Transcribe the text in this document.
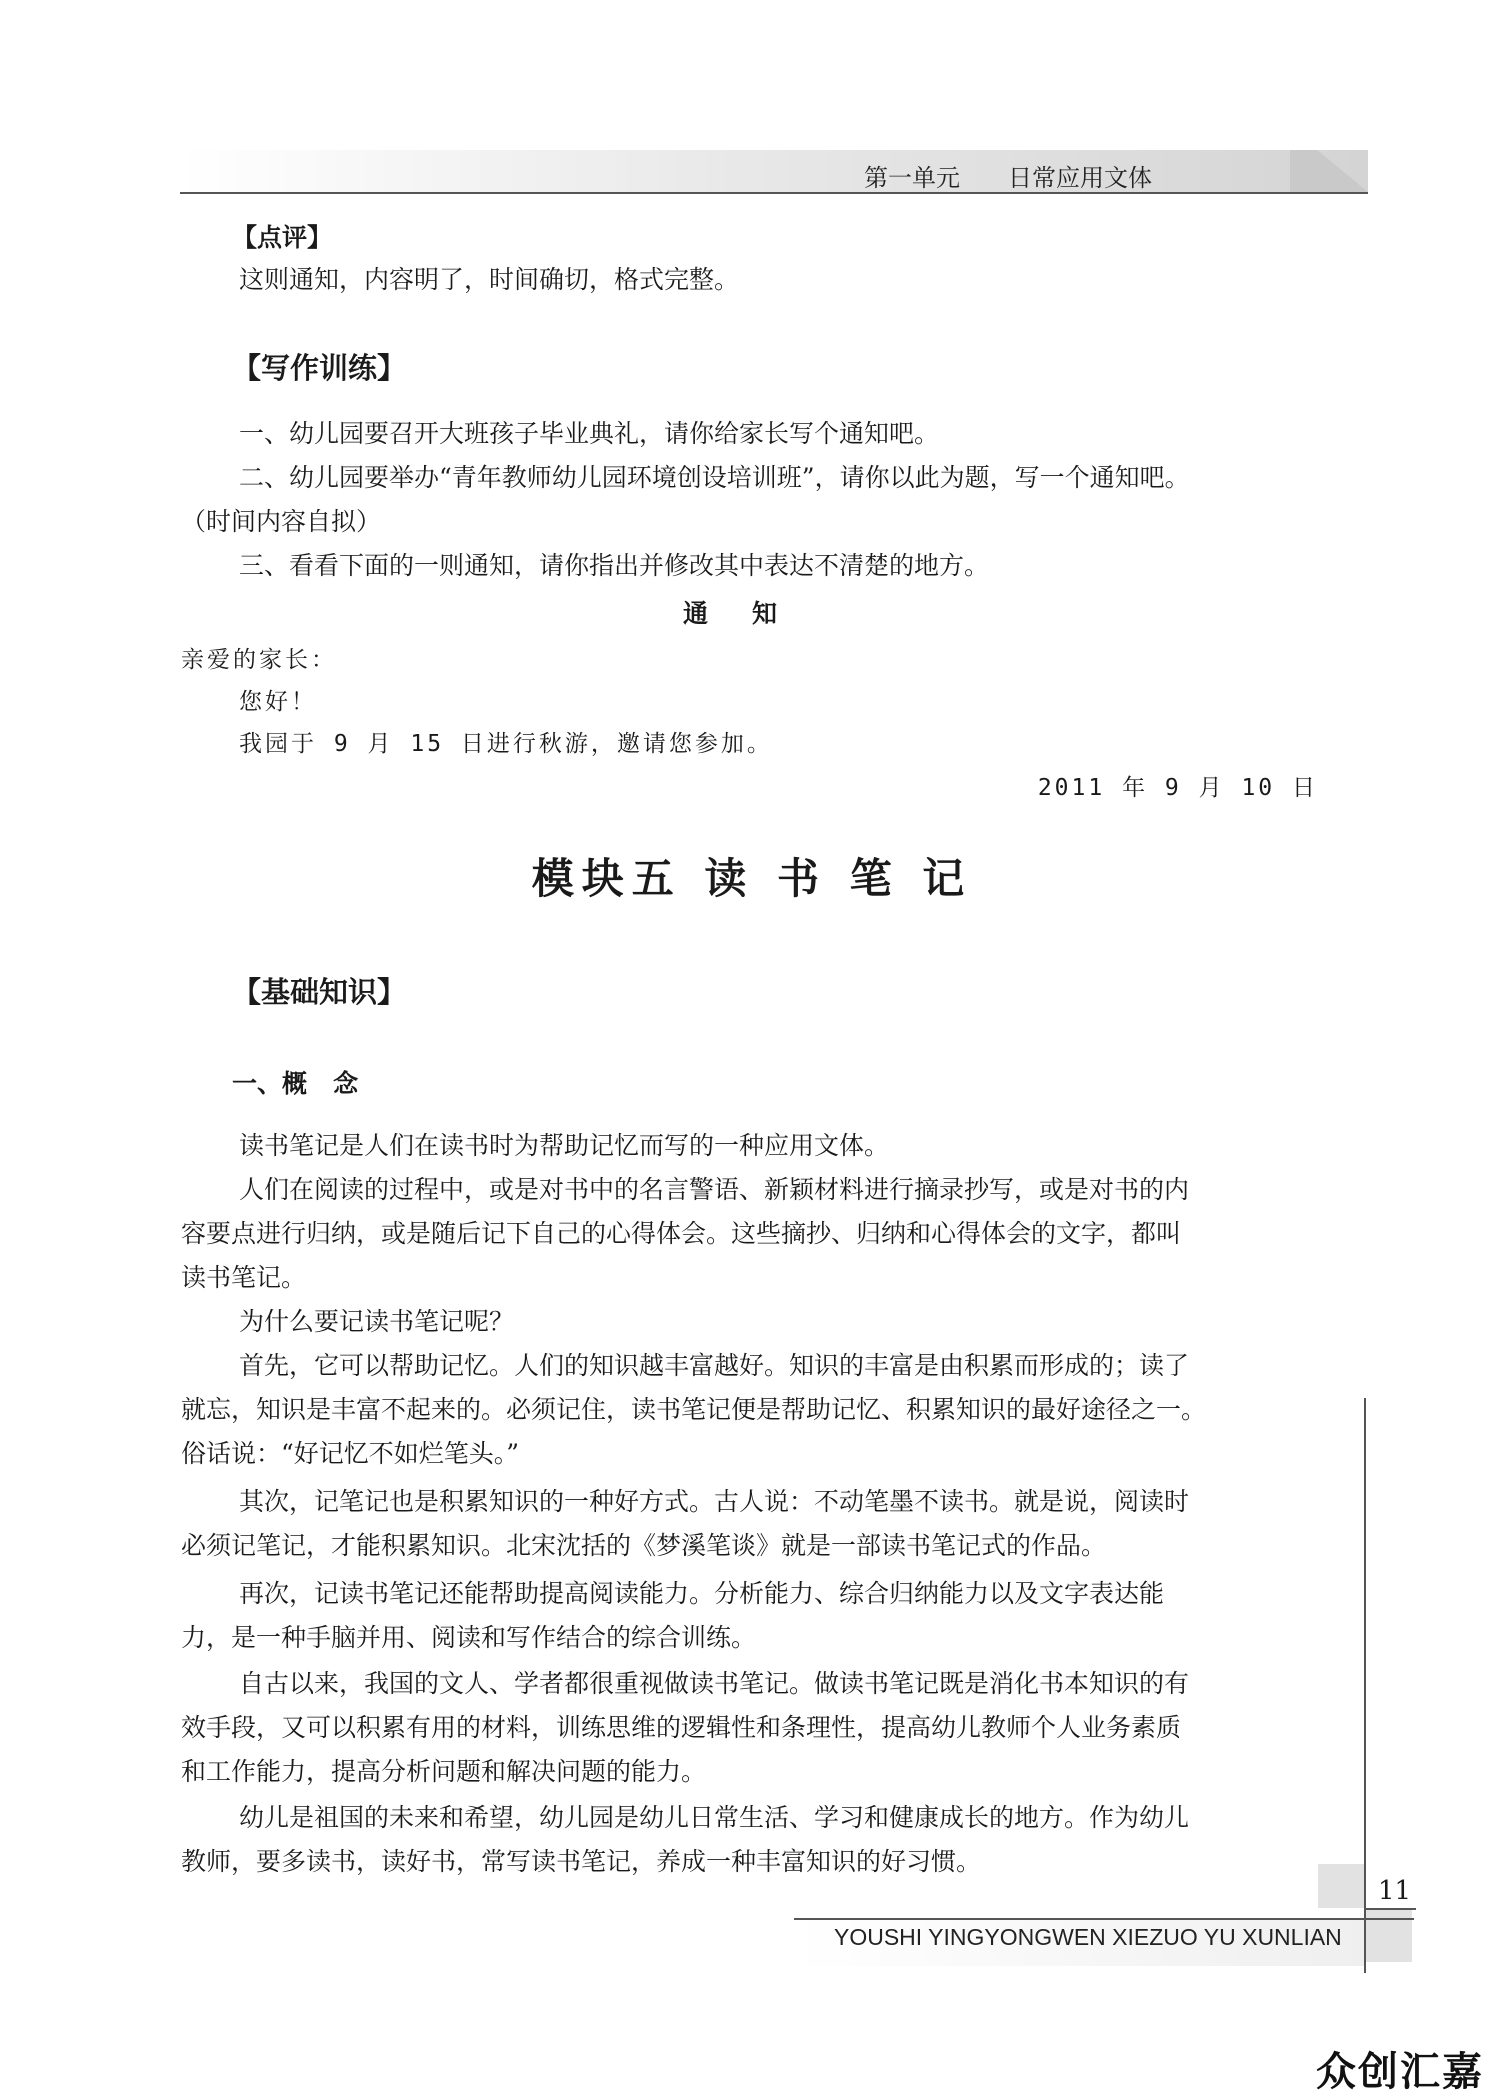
第一单元　　 日常应用文体
【点评】
这则通知，内容明了，时间确切，格式完整。
【写作训练】
一、幼儿园要召开大班孩子毕业典礼，请你给家长写个通知吧。
二、幼儿园要举办“青年教师幼儿园环境创设培训班”，请你以此为题，写一个通知吧。
（时间内容自拟）
三、看看下面的一则通知，请你指出并修改其中表达不清楚的地方。
通知
亲爱的家长：
您好！
我园于 9 月 15 日进行秋游，邀请您参加。
2011 年 9 月 10 日
模块五 读 书 笔 记
【基础知识】
一、概   念
读书笔记是人们在读书时为帮助记忆而写的一种应用文体。
人们在阅读的过程中，或是对书中的名言警语、新颖材料进行摘录抄写，或是对书的内
容要点进行归纳，或是随后记下自己的心得体会。这些摘抄、归纳和心得体会的文字，都叫
读书笔记。
为什么要记读书笔记呢？
首先，它可以帮助记忆。人们的知识越丰富越好。知识的丰富是由积累而形成的；读了
就忘，知识是丰富不起来的。必须记住，读书笔记便是帮助记忆、积累知识的最好途径之一。
俗话说：“好记忆不如烂笔头。”
其次，记笔记也是积累知识的一种好方式。古人说：不动笔墨不读书。就是说，阅读时
必须记笔记，才能积累知识。北宋沈括的《梦溪笔谈》就是一部读书笔记式的作品。
再次，记读书笔记还能帮助提高阅读能力。分析能力、综合归纳能力以及文字表达能
力，是一种手脑并用、阅读和写作结合的综合训练。
自古以来，我国的文人、学者都很重视做读书笔记。做读书笔记既是消化书本知识的有
效手段，又可以积累有用的材料，训练思维的逻辑性和条理性，提高幼儿教师个人业务素质
和工作能力，提高分析问题和解决问题的能力。
幼儿是祖国的未来和希望，幼儿园是幼儿日常生活、学习和健康成长的地方。作为幼儿
教师，要多读书，读好书，常写读书笔记，养成一种丰富知识的好习惯。
11
YOUSHI YINGYONGWEN XIEZUO YU XUNLIAN
众创汇嘉
